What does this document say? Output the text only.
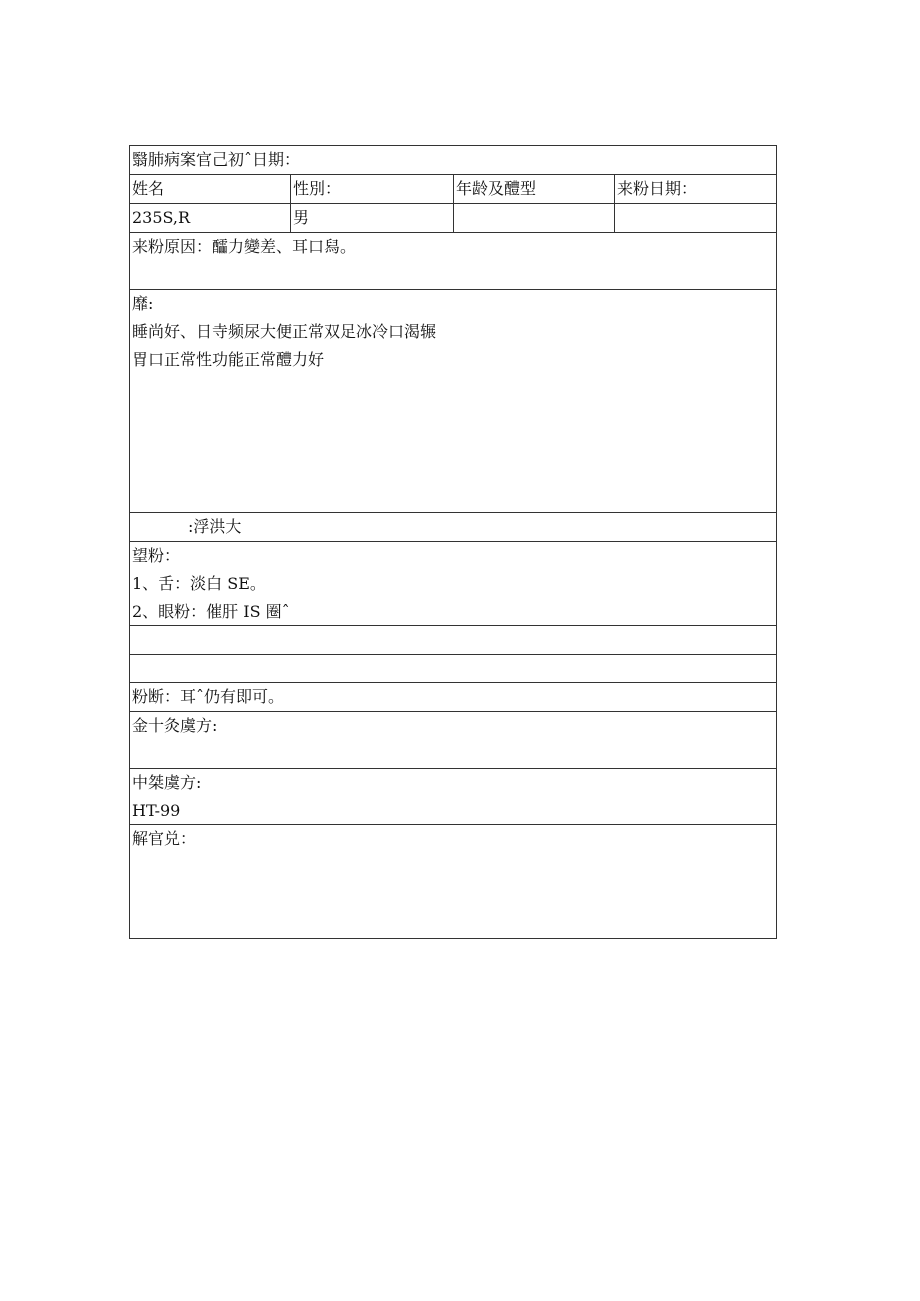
翳肺病案官己初ˆ日期：
姓名	性別：	年龄及醴型	来粉日期：
235S,R	男
来粉原因：醽力變差、耳口舄。
靡:
睡尚好、日寺频尿大便正常双足冰冷口渴辗
胃口正常性功能正常醴力好
:浮洪大
望粉：
1、舌：淡白 SE。
2、眼粉：催肝 IS 圈ˆ
粉断：耳ˆ仍有即可。
金十灸虞方:
中桀虞方:
HT-99
解官兑：
